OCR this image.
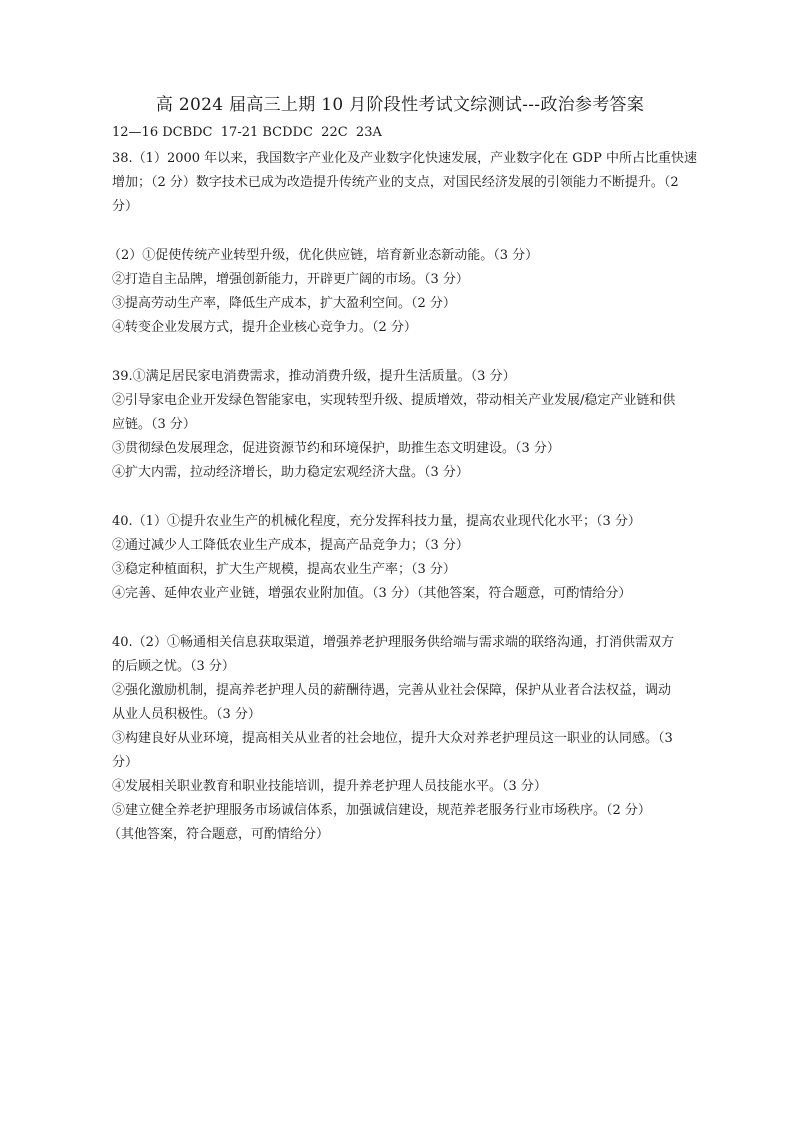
高 2024 届高三上期 10 月阶段性考试文综测试---政治参考答案
12—16 DCBDC  17-21 BCDDC  22C  23A
38.（1）2000 年以来，我国数字产业化及产业数字化快速发展，产业数字化在 GDP 中所占比重快速
增加；（2 分）数字技术已成为改造提升传统产业的支点，对国民经济发展的引领能力不断提升。（2
分）
（2）①促使传统产业转型升级，优化供应链，培育新业态新动能。（3 分）
②打造自主品牌，增强创新能力，开辟更广阔的市场。（3 分）
③提高劳动生产率，降低生产成本，扩大盈利空间。（2 分）
④转变企业发展方式，提升企业核心竞争力。（2 分）
39.①满足居民家电消费需求，推动消费升级，提升生活质量。（3 分）
②引导家电企业开发绿色智能家电，实现转型升级、提质增效，带动相关产业发展/稳定产业链和供
应链。（3 分）
③贯彻绿色发展理念，促进资源节约和环境保护，助推生态文明建设。（3 分）
④扩大内需，拉动经济增长，助力稳定宏观经济大盘。（3 分）
40.（1）①提升农业生产的机械化程度，充分发挥科技力量，提高农业现代化水平；（3 分）
②通过减少人工降低农业生产成本，提高产品竞争力；（3 分）
③稳定种植面积，扩大生产规模，提高农业生产率；（3 分）
④完善、延伸农业产业链，增强农业附加值。（3 分）（其他答案，符合题意，可酌情给分）
40.（2）①畅通相关信息获取渠道，增强养老护理服务供给端与需求端的联络沟通，打消供需双方
的后顾之忧。（3 分）
②强化激励机制，提高养老护理人员的薪酬待遇，完善从业社会保障，保护从业者合法权益，调动
从业人员积极性。（3 分）
③构建良好从业环境，提高相关从业者的社会地位，提升大众对养老护理员这一职业的认同感。（3
分）
④发展相关职业教育和职业技能培训，提升养老护理人员技能水平。（3 分）
⑤建立健全养老护理服务市场诚信体系，加强诚信建设，规范养老服务行业市场秩序。（2 分）
（其他答案，符合题意，可酌情给分）
